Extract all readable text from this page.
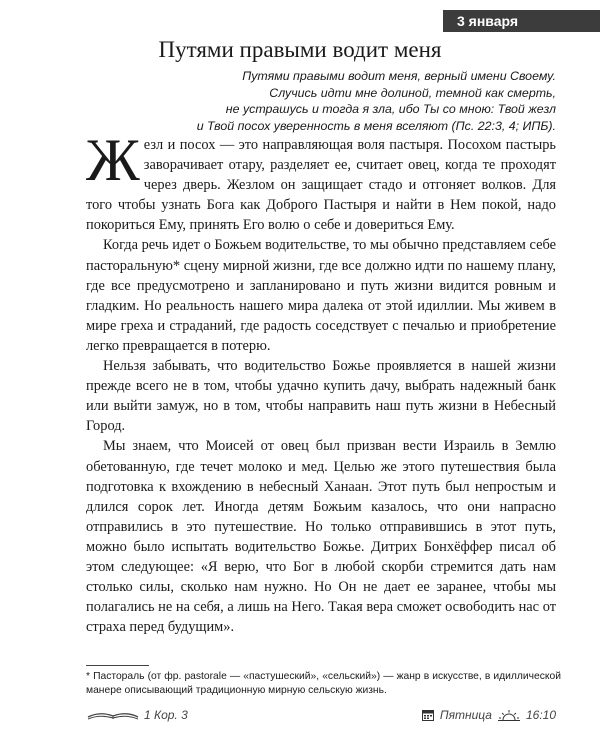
3 января
Путями правыми водит меня
Путями правыми водит меня, верный имени Своему.
Случись идти мне долиной, темной как смерть,
не устрашусь и тогда я зла, ибо Ты со мною: Твой жезл
и Твой посох уверенность в меня вселяют (Пс. 22:3, 4; ИПБ).

Жезл и посох — это направляющая воля пастыря. Посохом пастырь заворачивает отару, разделяет ее, считает овец, когда те проходят через дверь. Жезлом он защищает стадо и отгоняет волков. Для того чтобы узнать Бога как Доброго Пастыря и найти в Нем покой, надо покориться Ему, принять Его волю о себе и довериться Ему.

Когда речь идет о Божьем водительстве, то мы обычно представляем себе пасторальную* сцену мирной жизни, где все должно идти по нашему плану, где все предусмотрено и запланировано и путь жизни видится ровным и гладким. Но реальность нашего мира далека от этой идиллии. Мы живем в мире греха и страданий, где радость соседствует с печалью и приобретение легко превращается в потерю.

Нельзя забывать, что водительство Божье проявляется в нашей жизни прежде всего не в том, чтобы удачно купить дачу, выбрать надежный банк или выйти замуж, но в том, чтобы направить наш путь жизни в Небесный Город.

Мы знаем, что Моисей от овец был призван вести Израиль в Землю обетованную, где течет молоко и мед. Целью же этого путешествия была подготовка к вхождению в небесный Ханаан. Этот путь был непростым и длился сорок лет. Иногда детям Божьим казалось, что они напрасно отправились в это путешествие. Но только отправившись в этот путь, можно было испытать водительство Божье. Дитрих Бонхёффер писал об этом следующее: «Я верю, что Бог в любой скорби стремится дать нам столько силы, сколько нам нужно. Но Он не дает ее заранее, чтобы мы полагались не на себя, а лишь на Него. Такая вера сможет освободить нас от страха перед будущим».

* Пастораль (от фр. pastorale — «пастушеский», «сельский») — жанр в искусстве, в идиллической манере описывающий традиционную мирную сельскую жизнь.
1 Кор. 3	Пятница	16:10
